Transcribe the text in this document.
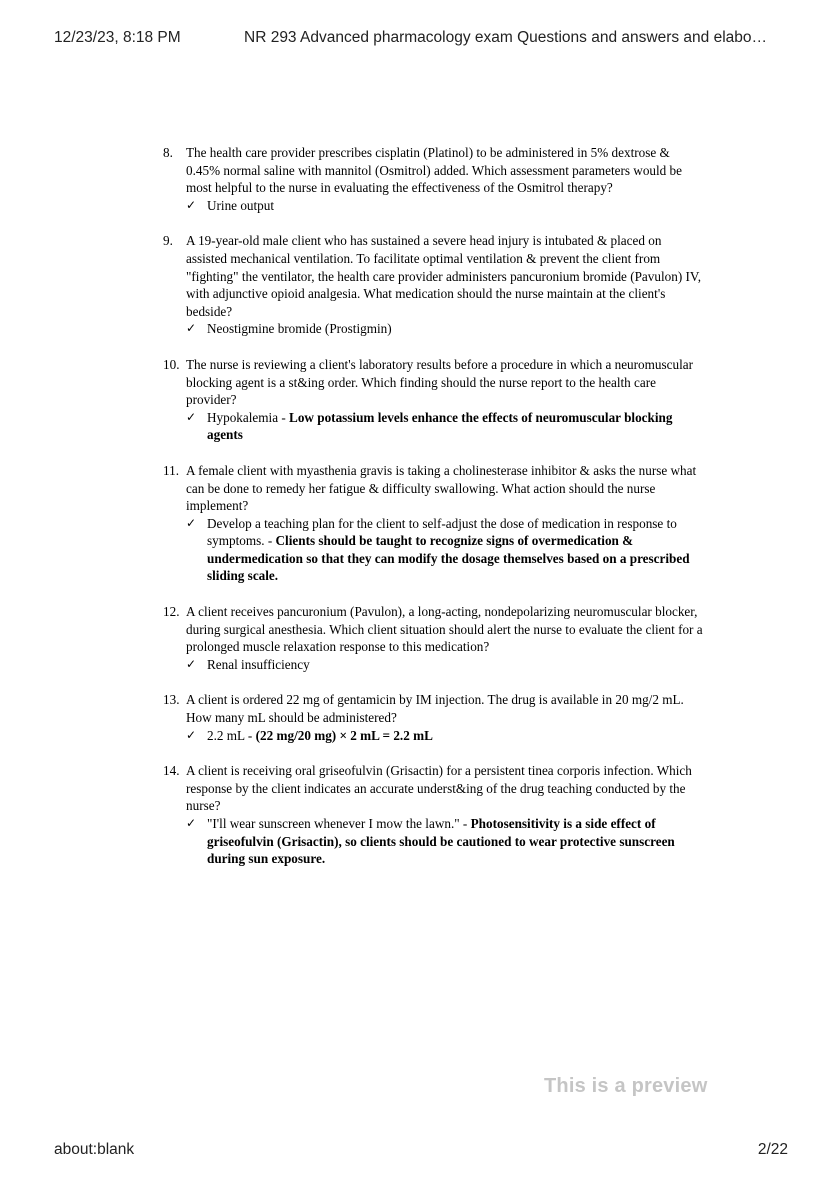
12/23/23, 8:18 PM	NR 293 Advanced pharmacology exam Questions and answers and elabo…
8. The health care provider prescribes cisplatin (Platinol) to be administered in 5% dextrose & 0.45% normal saline with mannitol (Osmitrol) added. Which assessment parameters would be most helpful to the nurse in evaluating the effectiveness of the Osmitrol therapy?
✓ Urine output
9. A 19-year-old male client who has sustained a severe head injury is intubated & placed on assisted mechanical ventilation. To facilitate optimal ventilation & prevent the client from "fighting" the ventilator, the health care provider administers pancuronium bromide (Pavulon) IV, with adjunctive opioid analgesia. What medication should the nurse maintain at the client's bedside?
✓ Neostigmine bromide (Prostigmin)
10. The nurse is reviewing a client's laboratory results before a procedure in which a neuromuscular blocking agent is a st&ing order. Which finding should the nurse report to the health care provider?
✓ Hypokalemia - Low potassium levels enhance the effects of neuromuscular blocking agents
11. A female client with myasthenia gravis is taking a cholinesterase inhibitor & asks the nurse what can be done to remedy her fatigue & difficulty swallowing. What action should the nurse implement?
✓ Develop a teaching plan for the client to self-adjust the dose of medication in response to symptoms. - Clients should be taught to recognize signs of overmedication & undermedication so that they can modify the dosage themselves based on a prescribed sliding scale.
12. A client receives pancuronium (Pavulon), a long-acting, nondepolarizing neuromuscular blocker, during surgical anesthesia. Which client situation should alert the nurse to evaluate the client for a prolonged muscle relaxation response to this medication?
✓ Renal insufficiency
13. A client is ordered 22 mg of gentamicin by IM injection. The drug is available in 20 mg/2 mL. How many mL should be administered?
✓ 2.2 mL - (22 mg/20 mg) × 2 mL = 2.2 mL
14. A client is receiving oral griseofulvin (Grisactin) for a persistent tinea corporis infection. Which response by the client indicates an accurate underst&ing of the drug teaching conducted by the nurse?
✓ "I'll wear sunscreen whenever I mow the lawn." - Photosensitivity is a side effect of griseofulvin (Grisactin), so clients should be cautioned to wear protective sunscreen during sun exposure.
This is a preview
about:blank	2/22
